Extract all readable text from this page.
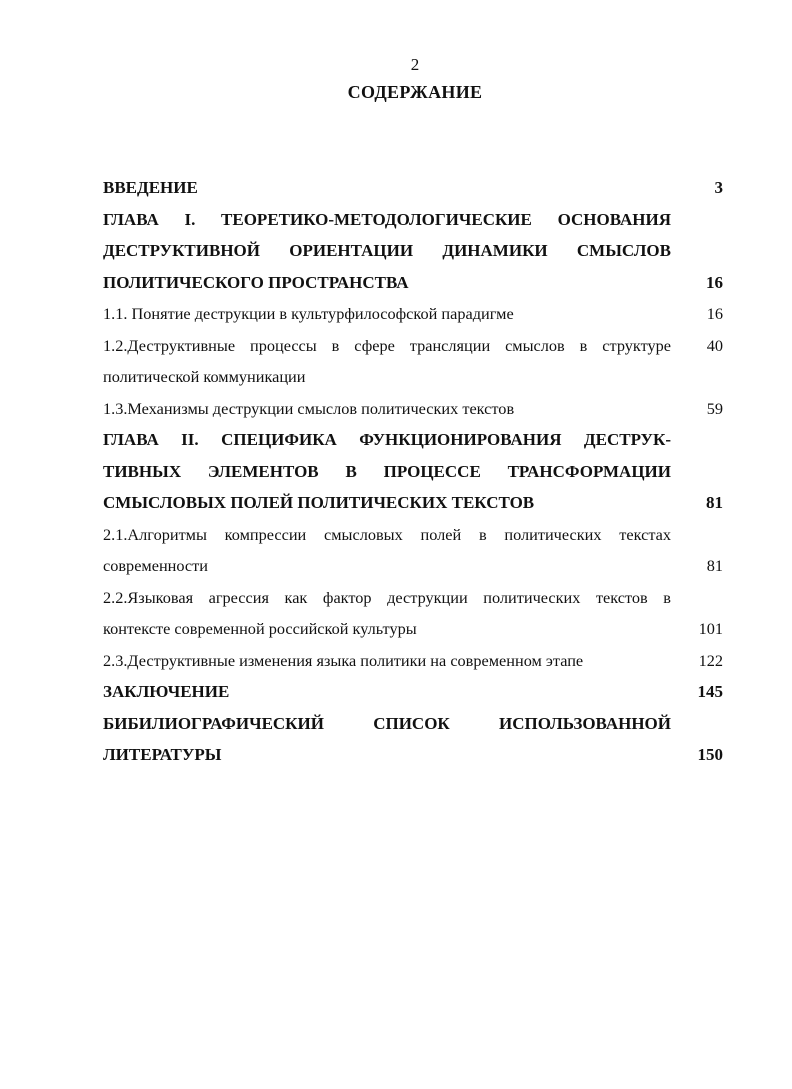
2
СОДЕРЖАНИЕ
ВВЕДЕНИЕ	3
ГЛАВА I. ТЕОРЕТИКО-МЕТОДОЛОГИЧЕСКИЕ ОСНОВАНИЯ
ДЕСТРУКТИВНОЙ ОРИЕНТАЦИИ ДИНАМИКИ СМЫСЛОВ
ПОЛИТИЧЕСКОГО ПРОСТРАНСТВА	16
1.1. Понятие деструкции в культурфилософской парадигме	16
1.2.Деструктивные процессы в сфере трансляции смыслов в структуре	40
политической коммуникации
1.3.Механизмы деструкции смыслов политических текстов	59
ГЛАВА II. СПЕЦИФИКА ФУНКЦИОНИРОВАНИЯ ДЕСТРУК-
ТИВНЫХ ЭЛЕМЕНТОВ В ПРОЦЕССЕ ТРАНСФОРМАЦИИ
СМЫСЛОВЫХ ПОЛЕЙ ПОЛИТИЧЕСКИХ ТЕКСТОВ	81
2.1.Алгоритмы компрессии смысловых полей в политических текстах
современности	81
2.2.Языковая агрессия как фактор деструкции политических текстов в
контексте современной российской культуры	101
2.3.Деструктивные изменения языка политики на современном этапе	122
ЗАКЛЮЧЕНИЕ	145
БИБИЛИОГРАФИЧЕСКИЙ СПИСОК ИСПОЛЬЗОВАННОЙ
ЛИТЕРАТУРЫ	150
